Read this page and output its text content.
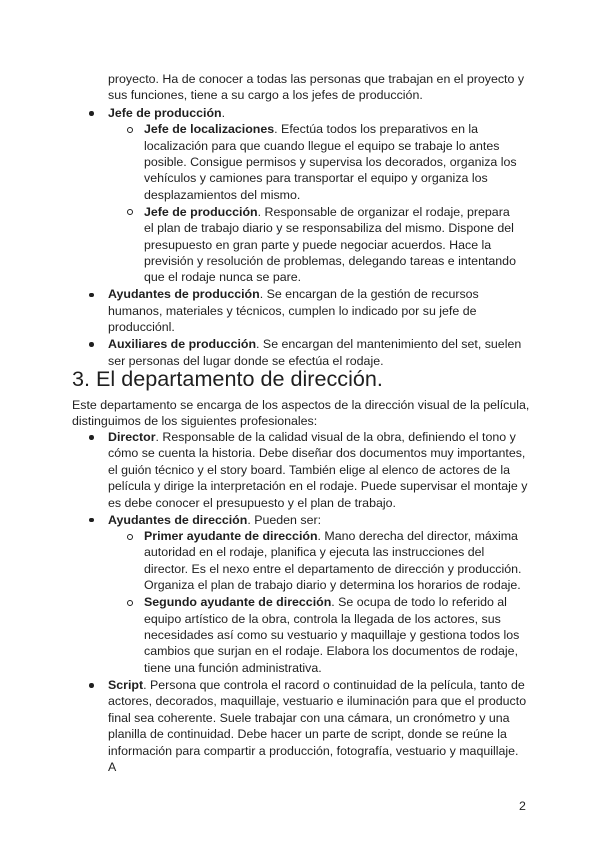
proyecto. Ha de conocer a todas las personas que trabajan en el proyecto y sus funciones, tiene a su cargo a los jefes de producción.

Jefe de producción.
Jefe de localizaciones. Efectúa todos los preparativos en la localización para que cuando llegue el equipo se trabaje lo antes posible. Consigue permisos y supervisa los decorados, organiza los vehículos y camiones para transportar el equipo y organiza los desplazamientos del mismo.
Jefe de producción. Responsable de organizar el rodaje, prepara el plan de trabajo diario y se responsabiliza del mismo. Dispone del presupuesto en gran parte y puede negociar acuerdos. Hace la previsión y resolución de problemas, delegando tareas e intentando que el rodaje nunca se pare.
Ayudantes de producción. Se encargan de la gestión de recursos humanos, materiales y técnicos, cumplen lo indicado por su jefe de producciónl.
Auxiliares de producción. Se encargan del mantenimiento del set, suelen ser personas del lugar donde se efectúa el rodaje.
3. El departamento de dirección.

Este departamento se encarga de los aspectos de la dirección visual de la película, distinguimos de los siguientes profesionales:

Director. Responsable de la calidad visual de la obra, definiendo el tono y cómo se cuenta la historia. Debe diseñar dos documentos muy importantes, el guión técnico y el story board. También elige al elenco de actores de la película y dirige la interpretación en el rodaje. Puede supervisar el montaje y es debe conocer el presupuesto y el plan de trabajo.
Ayudantes de dirección. Pueden ser:
Primer ayudante de dirección. Mano derecha del director, máxima autoridad en el rodaje, planifica y ejecuta las instrucciones del director. Es el nexo entre el departamento de dirección y producción. Organiza el plan de trabajo diario y determina los horarios de rodaje.
Segundo ayudante de dirección. Se ocupa de todo lo referido al equipo artístico de la obra, controla la llegada de los actores, sus necesidades así como su vestuario y maquillaje y gestiona todos los cambios que surjan en el rodaje. Elabora los documentos de rodaje, tiene una función administrativa.
Script. Persona que controla el racord o continuidad de la película, tanto de actores, decorados, maquillaje, vestuario e iluminación para que el producto final sea coherente. Suele trabajar con una cámara, un cronómetro y una planilla de continuidad. Debe hacer un parte de script, donde se reúne la información para compartir a producción, fotografía, vestuario y maquillaje. A
2
